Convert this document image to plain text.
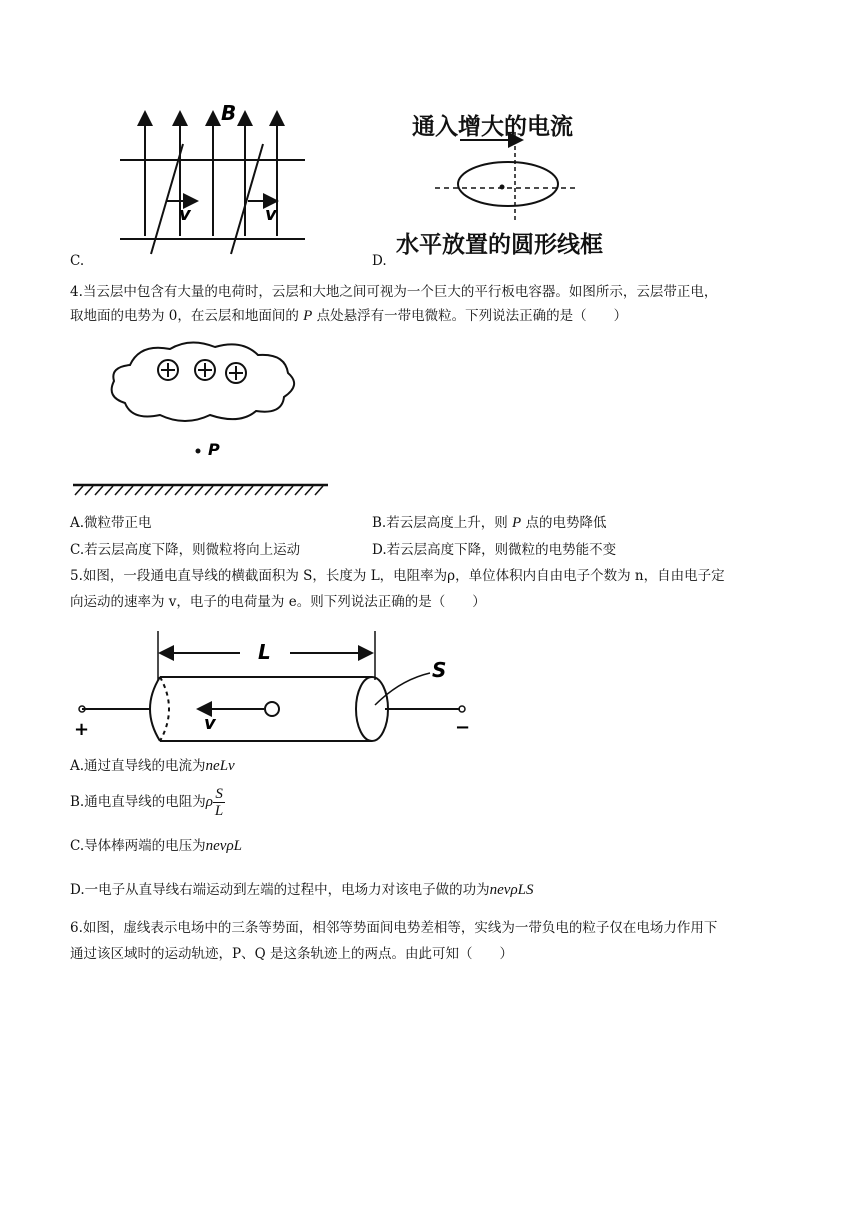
B
v	v
C.
通入增大的电流
水平放置的圆形线框
D.
4.当云层中包含有大量的电荷时，云层和大地之间可视为一个巨大的平行板电容器。如图所示，云层带正电，
取地面的电势为 0，在云层和地面间的 P 点处悬浮有一带电微粒。下列说法正确的是（　　）
P
A.微粒带正电	B.若云层高度上升，则 P 点的电势降低
C.若云层高度下降，则微粒将向上运动	D.若云层高度下降，则微粒的电势能不变
5.如图，一段通电直导线的横截面积为 S，长度为 L，电阻率为ρ，单位体积内自由电子个数为 n，自由电子定
向运动的速率为 v，电子的电荷量为 e。则下列说法正确的是（　　）
L
+	−
S
v
A.通过直导线的电流为neLv
B.通电直导线的电阻为ρ $\frac{S}{L}$
C.导体棒两端的电压为nevρL
D.一电子从直导线右端运动到左端的过程中，电场力对该电子做的功为nevρLS
6.如图，虚线表示电场中的三条等势面，相邻等势面间电势差相等，实线为一带负电的粒子仅在电场力作用下
通过该区域时的运动轨迹，P、Q 是这条轨迹上的两点。由此可知（　　）
